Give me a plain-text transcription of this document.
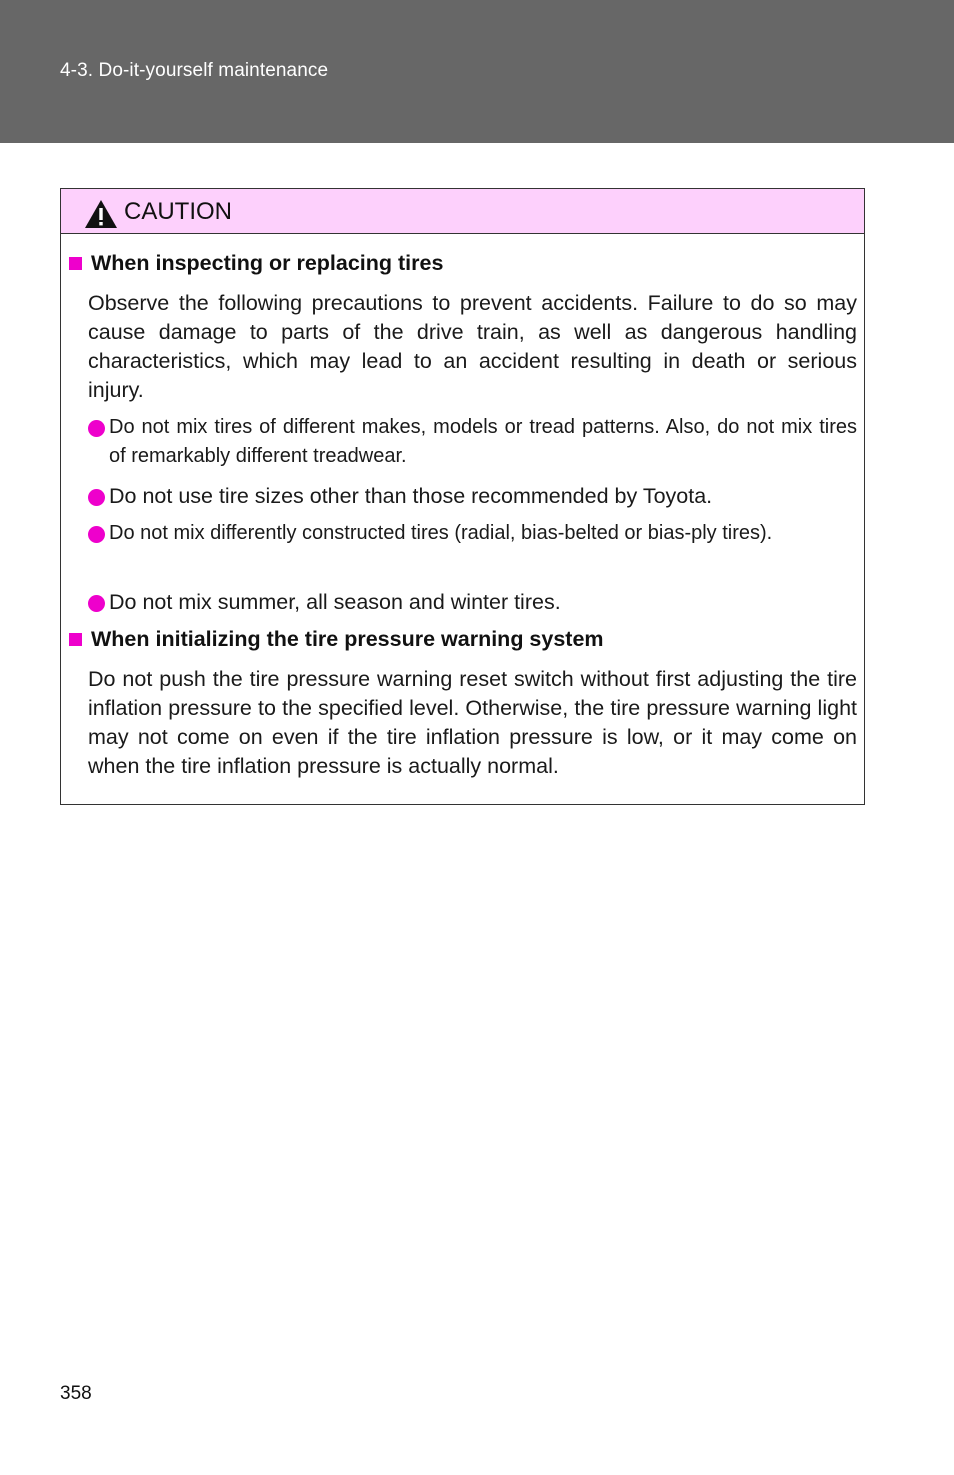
4-3. Do-it-yourself maintenance
CAUTION
When inspecting or replacing tires
Observe the following precautions to prevent accidents. Failure to do so may cause damage to parts of the drive train, as well as dangerous handling characteristics, which may lead to an accident resulting in death or serious injury.
Do not mix tires of different makes, models or tread patterns. Also, do not mix tires of remarkably different treadwear.
Do not use tire sizes other than those recommended by Toyota.
Do not mix differently constructed tires (radial, bias-belted or bias-ply tires).
Do not mix summer, all season and winter tires.
When initializing the tire pressure warning system
Do not push the tire pressure warning reset switch without first adjusting the tire inflation pressure to the specified level. Otherwise, the tire pressure warning light may not come on even if the tire inflation pressure is low, or it may come on when the tire inflation pressure is actually normal.
358
